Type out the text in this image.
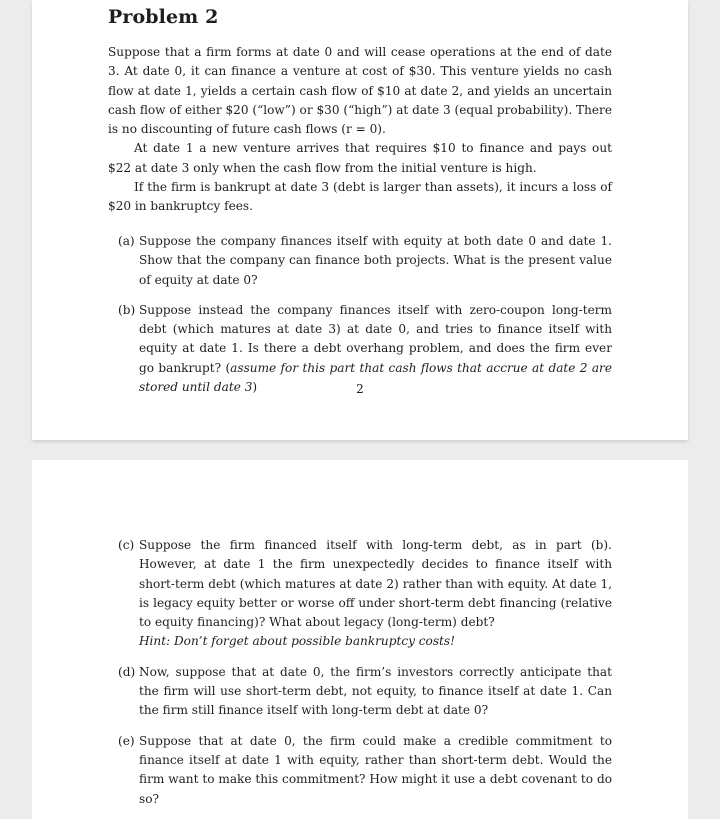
Problem 2

Suppose that a firm forms at date 0 and will cease operations at the end of date 3. At date 0, it can finance a venture at cost of $30. This venture yields no cash flow at date 1, yields a certain cash flow of $10 at date 2, and yields an uncertain cash flow of either $20 (“low”) or $30 (“high”) at date 3 (equal probability). There is no discounting of future cash flows (r = 0).

At date 1 a new venture arrives that requires $10 to finance and pays out $22 at date 3 only when the cash flow from the initial venture is high.

If the firm is bankrupt at date 3 (debt is larger than assets), it incurs a loss of $20 in bankruptcy fees.

(a) Suppose the company finances itself with equity at both date 0 and date 1. Show that the company can finance both projects. What is the present value of equity at date 0?
(b) Suppose instead the company finances itself with zero-coupon long-term debt (which matures at date 3) at date 0, and tries to finance itself with equity at date 1. Is there a debt overhang problem, and does the firm ever go bankrupt? (assume for this part that cash flows that accrue at date 2 are stored until date 3)	2
(c) Suppose the firm financed itself with long-term debt, as in part (b). However, at date 1 the firm unexpectedly decides to finance itself with short-term debt (which matures at date 2) rather than with equity. At date 1, is legacy equity better or worse off under short-term debt financing (relative to equity financing)? What about legacy (long-term) debt?
Hint: Don’t forget about possible bankruptcy costs!
(d) Now, suppose that at date 0, the firm’s investors correctly anticipate that the firm will use short-term debt, not equity, to finance itself at date 1. Can the firm still finance itself with long-term debt at date 0?
(e) Suppose that at date 0, the firm could make a credible commitment to finance itself at date 1 with equity, rather than short-term debt. Would the firm want to make this commitment? How might it use a debt covenant to do so?
